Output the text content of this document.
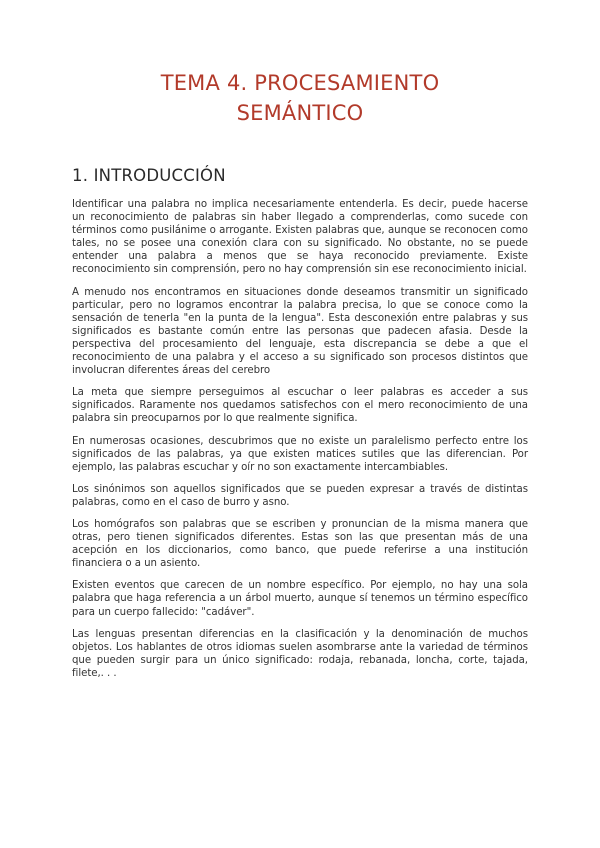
TEMA 4. PROCESAMIENTO
SEMÁNTICO
1. INTRODUCCIÓN

Identificar una palabra no implica necesariamente entenderla. Es decir, puede hacerse un reconocimiento de palabras sin haber llegado a comprenderlas, como sucede con términos como pusilánime o arrogante. Existen palabras que, aunque se reconocen como tales, no se posee una conexión clara con su significado. No obstante, no se puede entender una palabra a menos que se haya reconocido previamente. Existe reconocimiento sin comprensión, pero no hay comprensión sin ese reconocimiento inicial.

A menudo nos encontramos en situaciones donde deseamos transmitir un significado particular, pero no logramos encontrar la palabra precisa, lo que se conoce como la sensación de tenerla "en la punta de la lengua". Esta desconexión entre palabras y sus significados es bastante común entre las personas que padecen afasia. Desde la perspectiva del procesamiento del lenguaje, esta discrepancia se debe a que el reconocimiento de una palabra y el acceso a su significado son procesos distintos que involucran diferentes áreas del cerebro

La meta que siempre perseguimos al escuchar o leer palabras es acceder a sus significados. Raramente nos quedamos satisfechos con el mero reconocimiento de una palabra sin preocuparnos por lo que realmente significa.

En numerosas ocasiones, descubrimos que no existe un paralelismo perfecto entre los significados de las palabras, ya que existen matices sutiles que las diferencian. Por ejemplo, las palabras escuchar y oír no son exactamente intercambiables.

Los sinónimos son aquellos significados que se pueden expresar a través de distintas palabras, como en el caso de burro y asno.

Los homógrafos son palabras que se escriben y pronuncian de la misma manera que otras, pero tienen significados diferentes. Estas son las que presentan más de una acepción en los diccionarios, como banco, que puede referirse a una institución financiera o a un asiento.

Existen eventos que carecen de un nombre específico. Por ejemplo, no hay una sola palabra que haga referencia a un árbol muerto, aunque sí tenemos un término específico para un cuerpo fallecido: "cadáver".

Las lenguas presentan diferencias en la clasificación y la denominación de muchos objetos. Los hablantes de otros idiomas suelen asombrarse ante la variedad de términos que pueden surgir para un único significado: rodaja, rebanada, loncha, corte, tajada, filete,. . .
